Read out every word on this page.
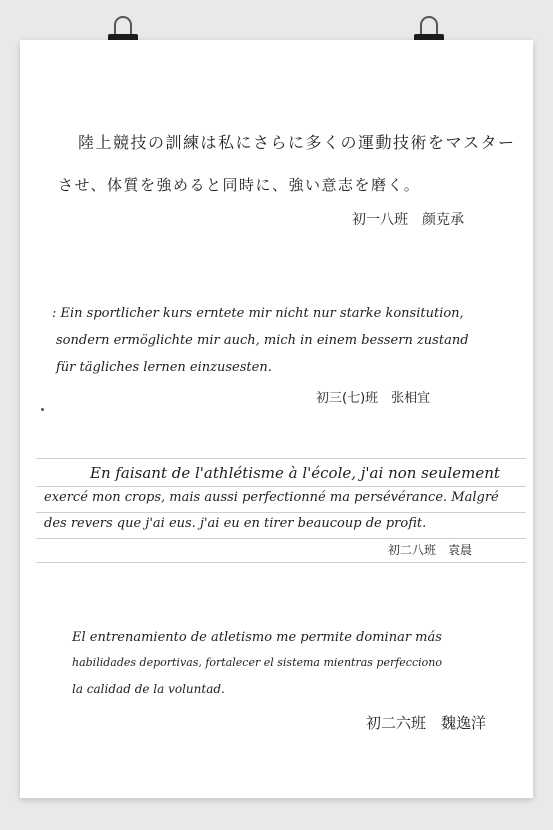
陸上競技の訓練は私にさらに多くの運動技術をマスター
させ、体質を強めると同時に、強い意志を磨く。
初一八班　颜克承
: Ein sportlicher kurs erntete mir nicht nur starke konsitution,
sondern ermöglichte mir auch, mich in einem bessern zustand
für tägliches lernen einzusesten.
初三(七)班　张相宜
En faisant de l'athlétisme à l'école, j'ai non seulement
exercé mon crops, mais aussi perfectionné ma persévérance. Malgré
des revers que j'ai eus. j'ai eu en tirer beaucoup de profit.
初二八班　袁晨
El entrenamiento de atletismo me permite dominar más
habilidades deportivas, fortalecer el sistema mientras perfecciono
la calidad de la voluntad.
初二六班　魏逸洋
